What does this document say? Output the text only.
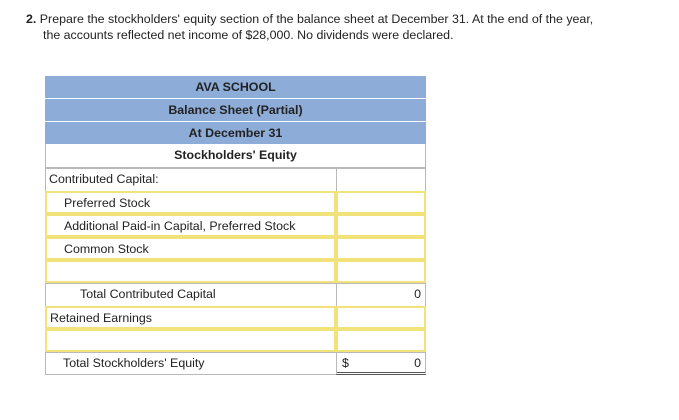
2. Prepare the stockholders' equity section of the balance sheet at December 31. At the end of the year,
the accounts reflected net income of $28,000. No dividends were declared.
AVA SCHOOL
Balance Sheet (Partial)
At December 31
Stockholders' Equity
Contributed Capital:
Preferred Stock
Additional Paid-in Capital, Preferred Stock
Common Stock
Total Contributed Capital	0
Retained Earnings
Total Stockholders' Equity	$	0
